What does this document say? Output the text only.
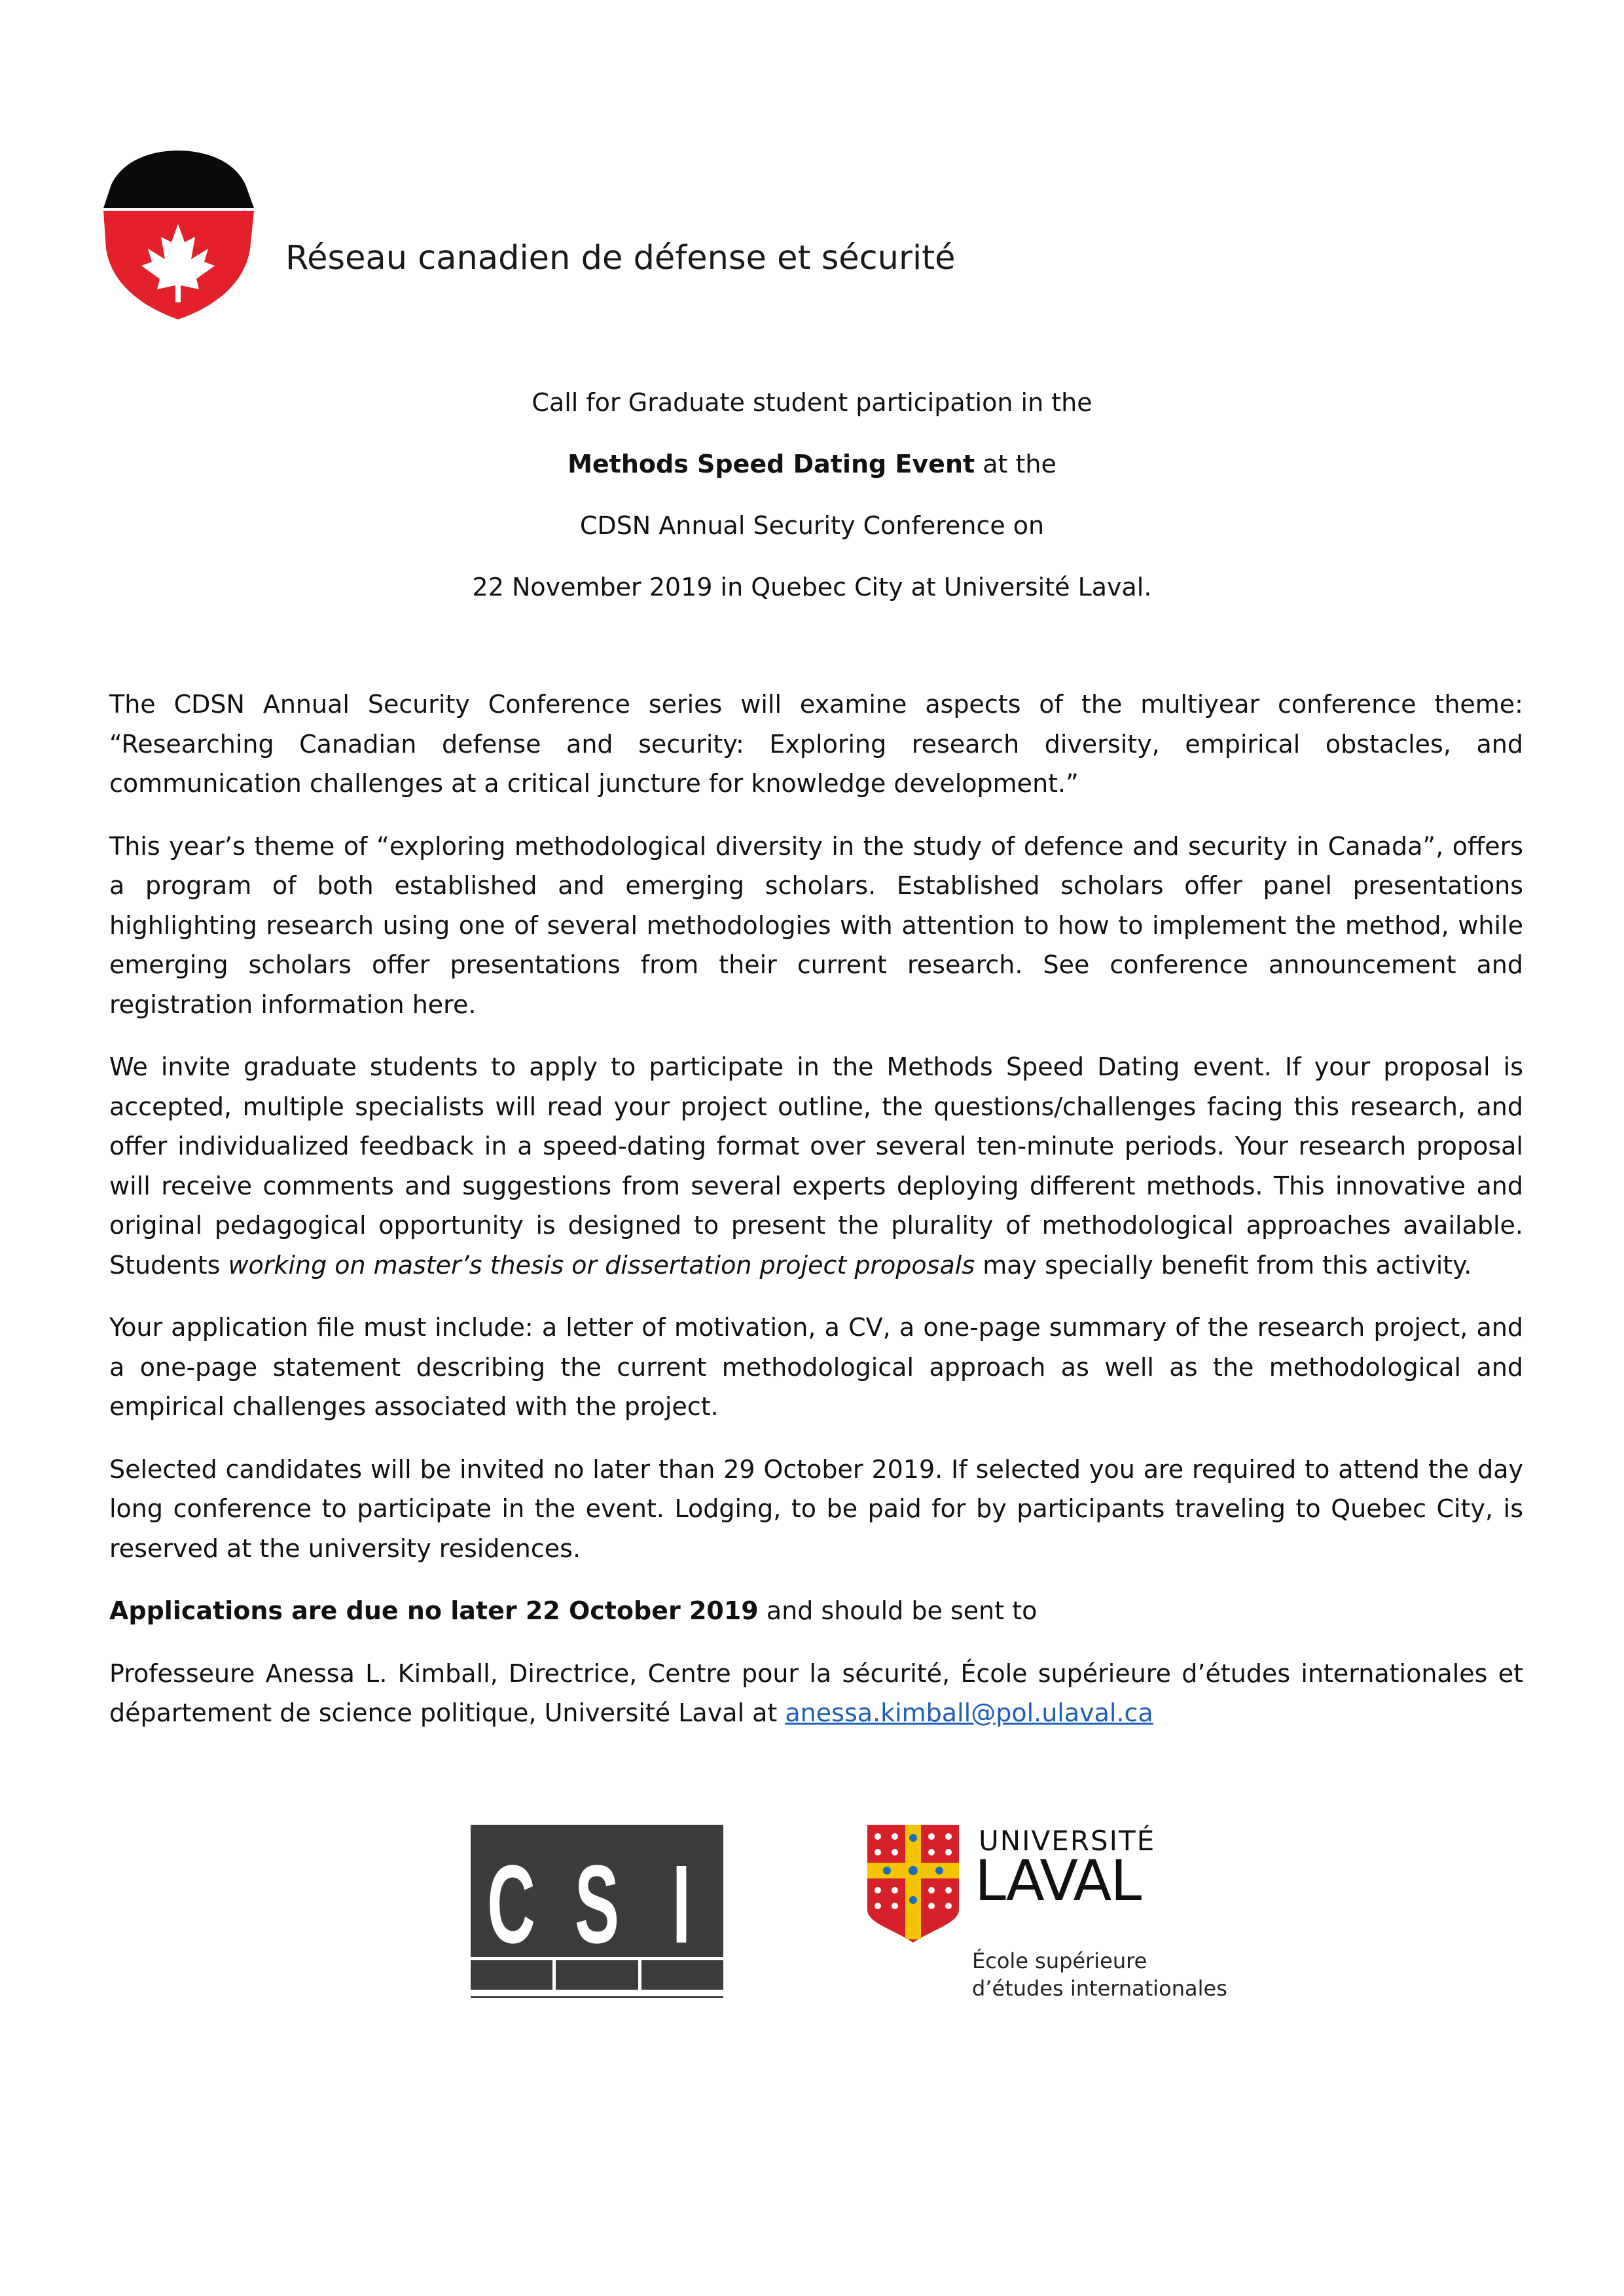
Réseau canadien de défense et sécurité

Call for Graduate student participation in the

Methods Speed Dating Event at the

CDSN Annual Security Conference on

22 November 2019 in Quebec City at Université Laval.

The CDSN Annual Security Conference series will examine aspects of the multiyear conference theme: “Researching Canadian defense and security: Exploring research diversity, empirical obstacles, and communication challenges at a critical juncture for knowledge development.”

This year’s theme of “exploring methodological diversity in the study of defence and security in Canada”, offers a program of both established and emerging scholars. Established scholars offer panel presentations highlighting research using one of several methodologies with attention to how to implement the method, while emerging scholars offer presentations from their current research. See conference announcement and registration information here.

We invite graduate students to apply to participate in the Methods Speed Dating event. If your proposal is accepted, multiple specialists will read your project outline, the questions/challenges facing this research, and offer individualized feedback in a speed-dating format over several ten-minute periods. Your research proposal will receive comments and suggestions from several experts deploying different methods. This innovative and original pedagogical opportunity is designed to present the plurality of methodological approaches available. Students working on master’s thesis or dissertation project proposals may specially benefit from this activity.

Your application file must include: a letter of motivation, a CV, a one-page summary of the research project, and a one-page statement describing the current methodological approach as well as the methodological and empirical challenges associated with the project.

Selected candidates will be invited no later than 29 October 2019. If selected you are required to attend the day long conference to participate in the event. Lodging, to be paid for by participants traveling to Quebec City, is reserved at the university residences.

Applications are due no later 22 October 2019 and should be sent to

Professeure Anessa L. Kimball, Directrice, Centre pour la sécurité, École supérieure d’études internationales et département de science politique, Université Laval at anessa.kimball@pol.ulaval.ca

C S I
UNIVERSITÉ
LAVAL
École supérieure
d’études internationales
